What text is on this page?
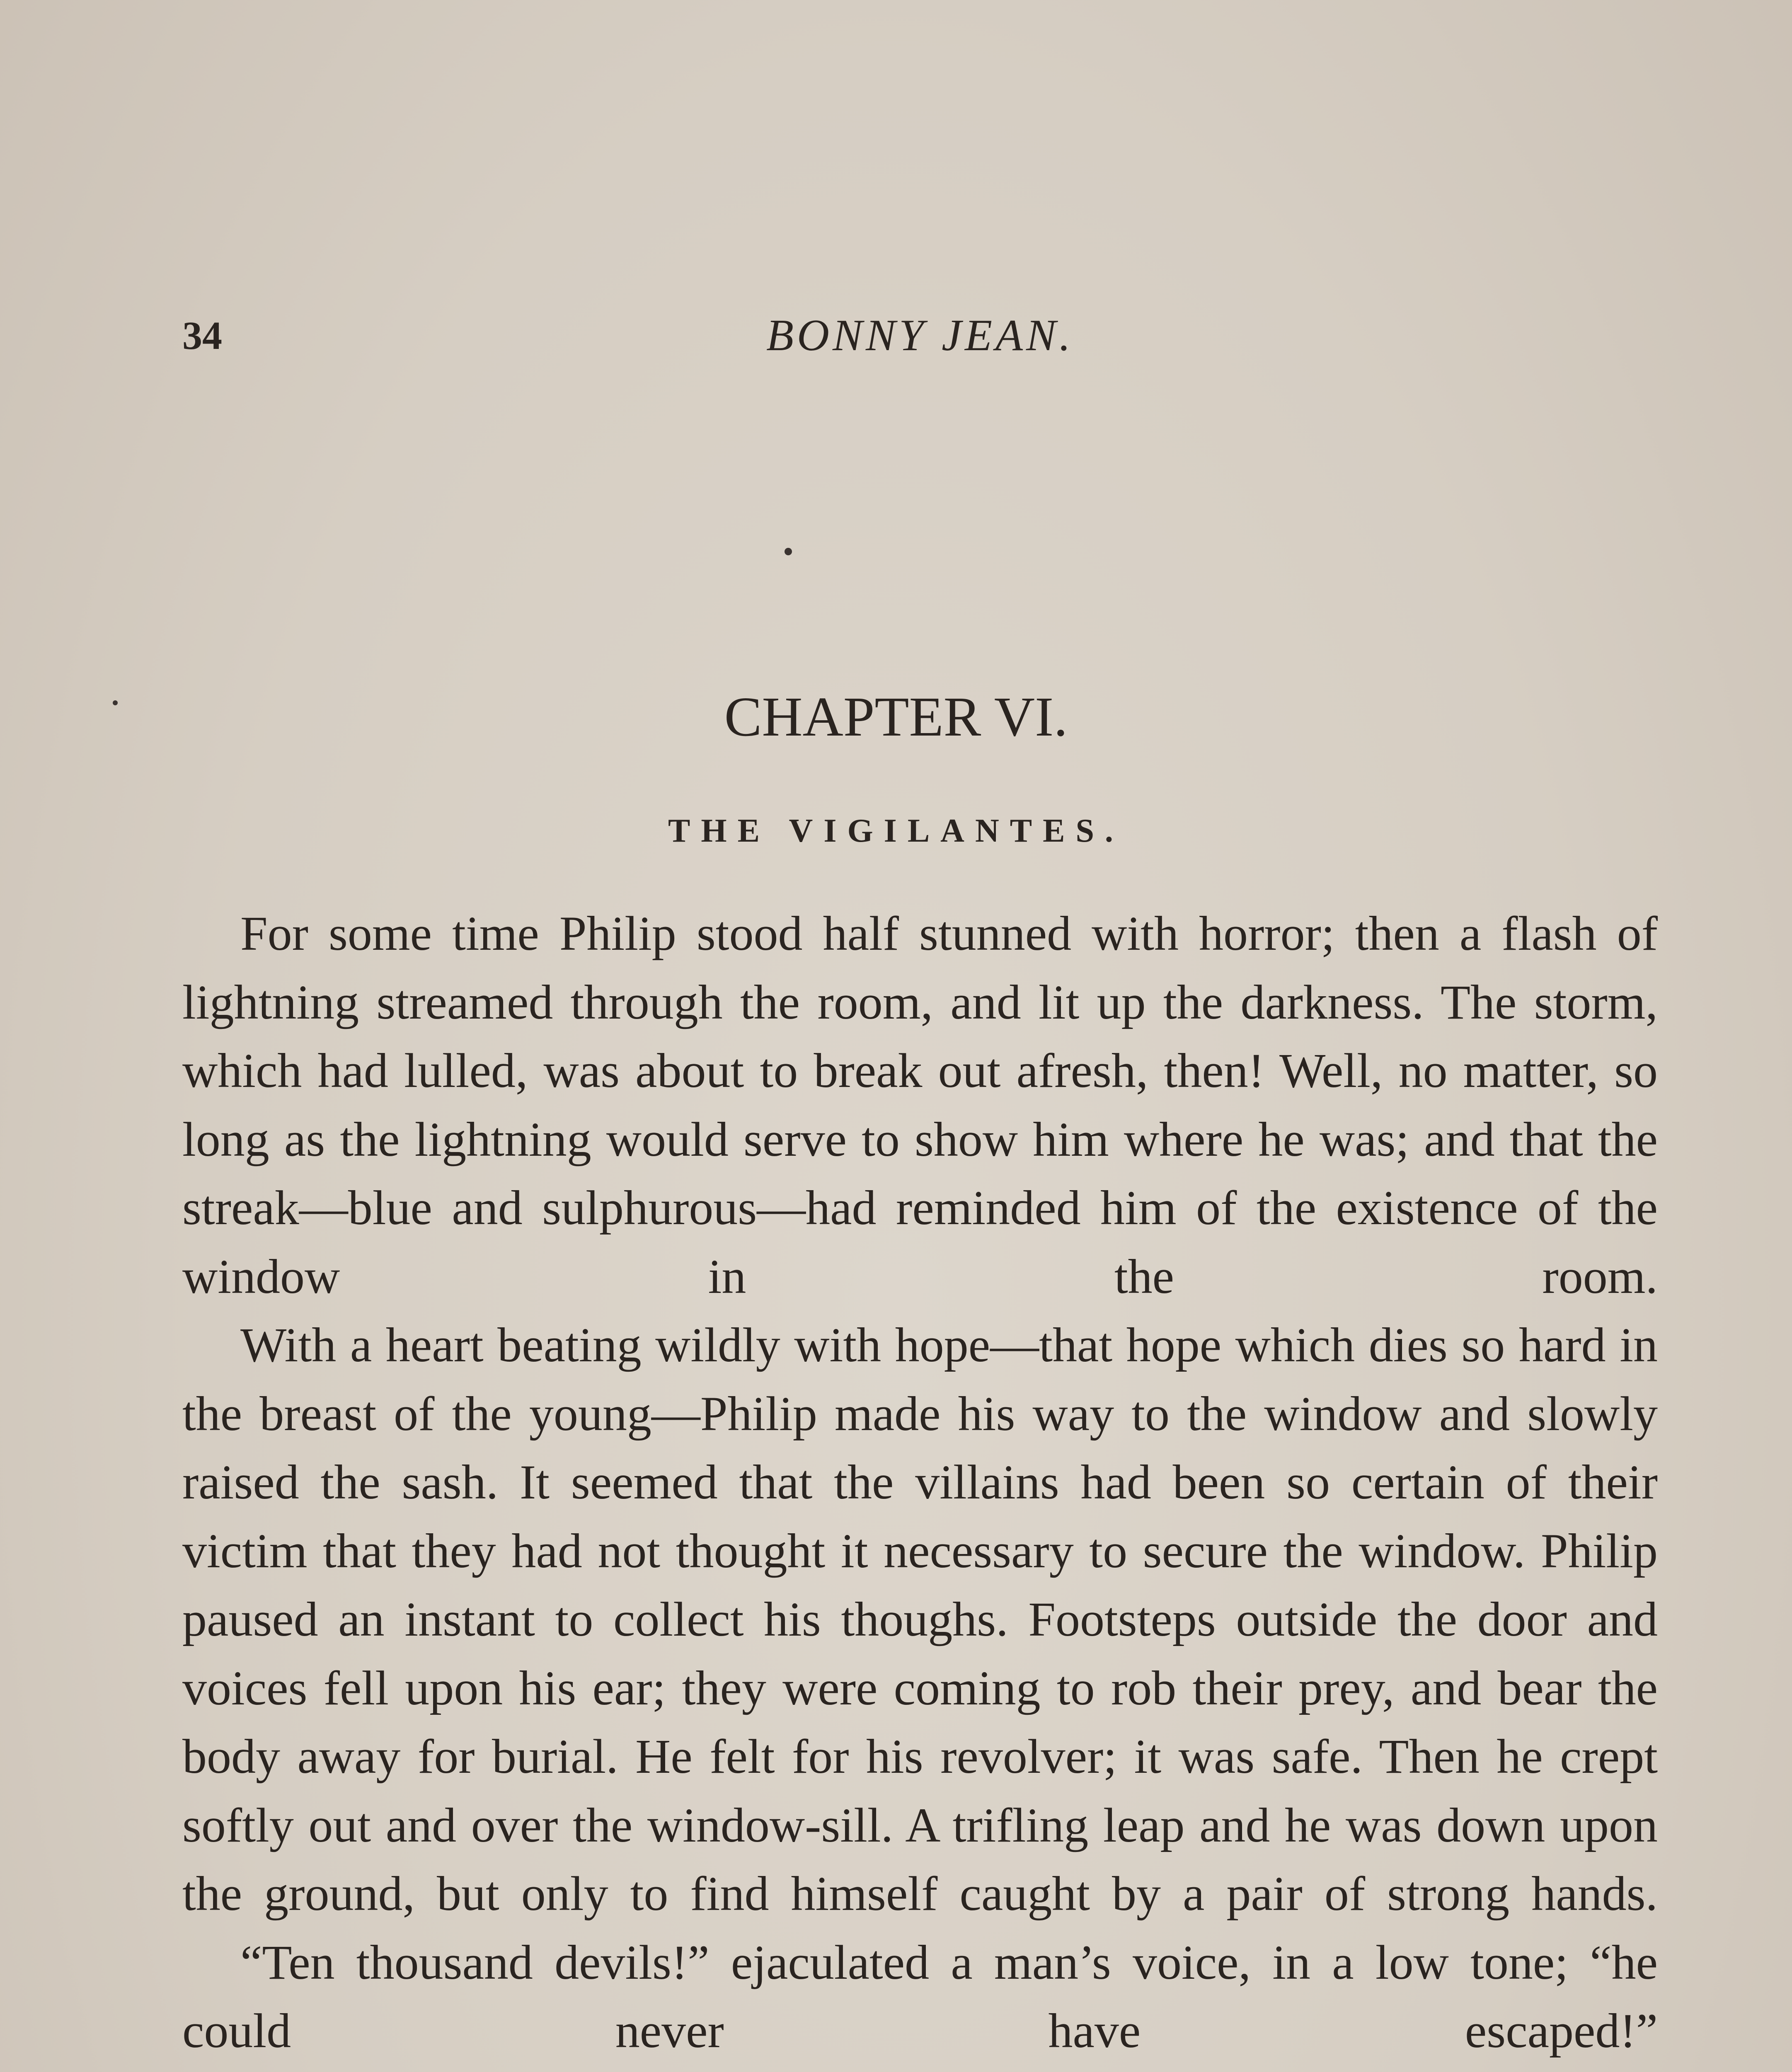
34	BONNY JEAN.
CHAPTER VI.
THE VIGILANTES.

For some time Philip stood half stunned with horror; then a flash of lightning streamed through the room, and lit up the darkness. The storm, which had lulled, was about to break out afresh, then! Well, no matter, so long as the lightning would serve to show him where he was; and that the streak—blue and sulphurous—had reminded him of the existence of the window in the room.

With a heart beating wildly with hope—that hope which dies so hard in the breast of the young—Philip made his way to the window and slowly raised the sash. It seemed that the villains had been so certain of their victim that they had not thought it necessary to secure the window. Philip paused an instant to collect his thoughs. Footsteps outside the door and voices fell upon his ear; they were coming to rob their prey, and bear the body away for burial. He felt for his revolver; it was safe. Then he crept softly out and over the window-sill. A trifling leap and he was down upon the ground, but only to find himself caught by a pair of strong hands.

“Ten thousand devils!” ejaculated a man’s voice, in a low tone; “he could never have escaped!”
